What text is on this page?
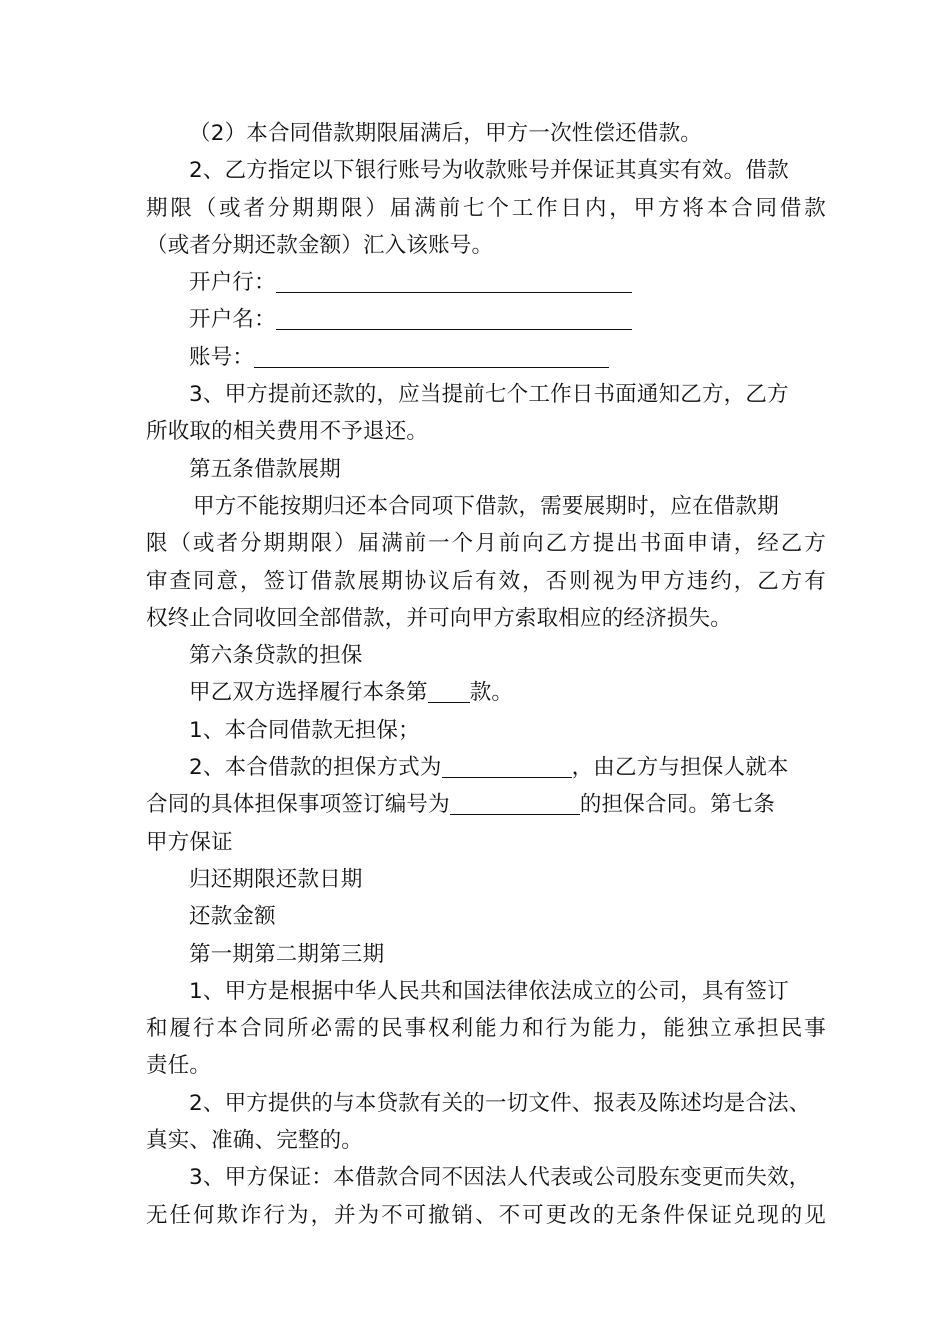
（2）本合同借款期限届满后，甲方一次性偿还借款。
2、乙方指定以下银行账号为收款账号并保证其真实有效。借款
期限（或者分期期限）届满前七个工作日内，甲方将本合同借款
（或者分期还款金额）汇入该账号。
开户行：
开户名：
账号：
3、甲方提前还款的，应当提前七个工作日书面通知乙方，乙方
所收取的相关费用不予退还。
第五条借款展期
甲方不能按期归还本合同项下借款，需要展期时，应在借款期
限（或者分期期限）届满前一个月前向乙方提出书面申请，经乙方
审查同意，签订借款展期协议后有效，否则视为甲方违约，乙方有
权终止合同收回全部借款，并可向甲方索取相应的经济损失。
第六条贷款的担保
甲乙双方选择履行本条第 款。
1、本合同借款无担保；
2、本合借款的担保方式为	，由乙方与担保人就本
合同的具体担保事项签订编号为	的担保合同。第七条
甲方保证
归还期限还款日期
还款金额
第一期第二期第三期
1、甲方是根据中华人民共和国法律依法成立的公司，具有签订
和履行本合同所必需的民事权利能力和行为能力，能独立承担民事
责任。
2、甲方提供的与本贷款有关的一切文件、报表及陈述均是合法、
真实、准确、完整的。
3、甲方保证：本借款合同不因法人代表或公司股东变更而失效，
无任何欺诈行为，并为不可撤销、不可更改的无条件保证兑现的见
